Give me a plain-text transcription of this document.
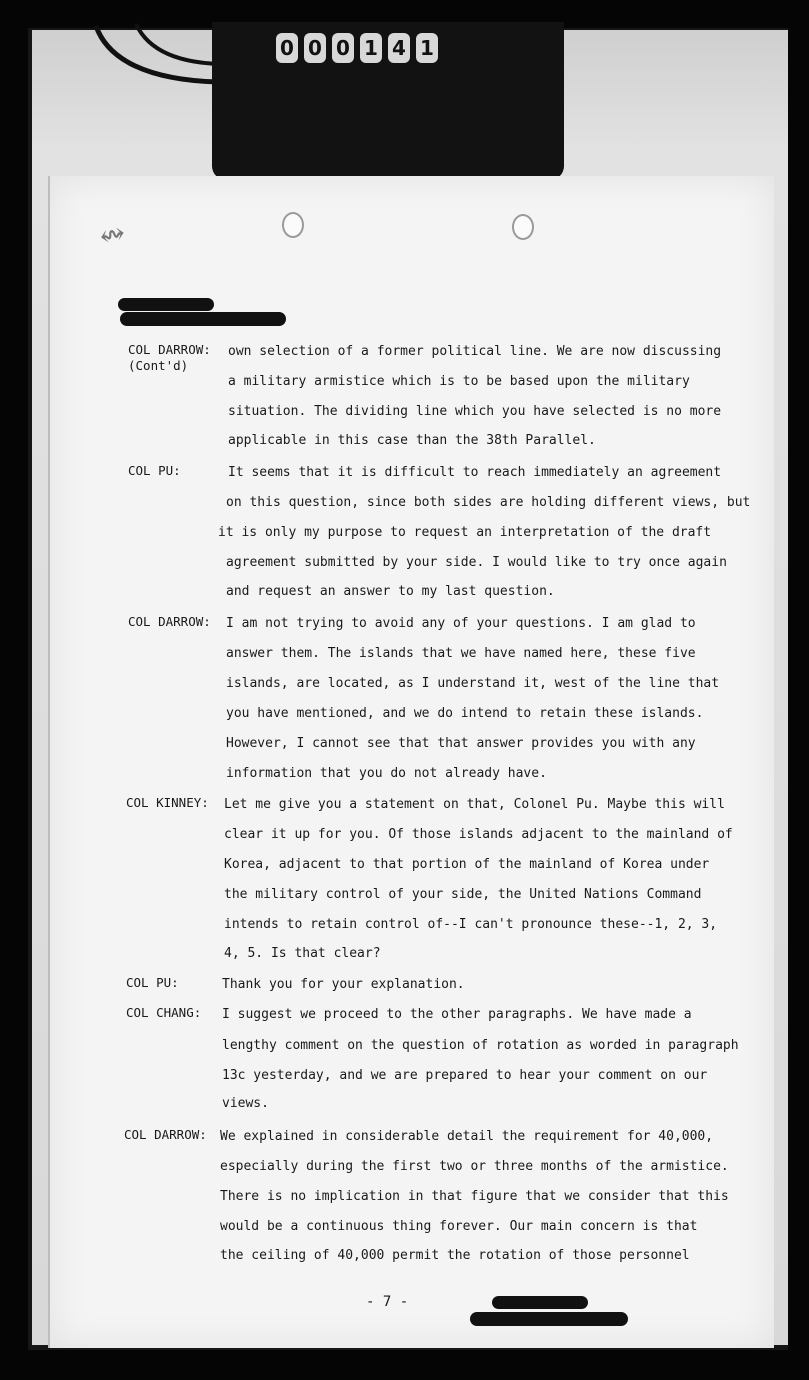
0 0 0 1 4 1
↭
COL DARROW:
(Cont'd)
own selection of a former political line. We are now discussing
a military armistice which is to be based upon the military
situation. The dividing line which you have selected is no more
applicable in this case than the 38th Parallel.
COL PU:	It seems that it is difficult to reach immediately an agreement
on this question, since both sides are holding different views, but
it is only my purpose to request an interpretation of the draft
agreement submitted by your side. I would like to try once again
and request an answer to my last question.
COL DARROW: I am not trying to avoid any of your questions. I am glad to
answer them. The islands that we have named here, these five
islands, are located, as I understand it, west of the line that
you have mentioned, and we do intend to retain these islands.
However, I cannot see that that answer provides you with any
information that you do not already have.
COL KINNEY: Let me give you a statement on that, Colonel Pu. Maybe this will
clear it up for you. Of those islands adjacent to the mainland of
Korea, adjacent to that portion of the mainland of Korea under
the military control of your side, the United Nations Command
intends to retain control of--I can't pronounce these--1, 2, 3,
4, 5. Is that clear?
COL PU:	Thank you for your explanation.
COL CHANG: I suggest we proceed to the other paragraphs. We have made a
lengthy comment on the question of rotation as worded in paragraph
13c yesterday, and we are prepared to hear your comment on our
views.
COL DARROW: We explained in considerable detail the requirement for 40,000,
especially during the first two or three months of the armistice.
There is no implication in that figure that we consider that this
would be a continuous thing forever. Our main concern is that
the ceiling of 40,000 permit the rotation of those personnel
- 7 -
